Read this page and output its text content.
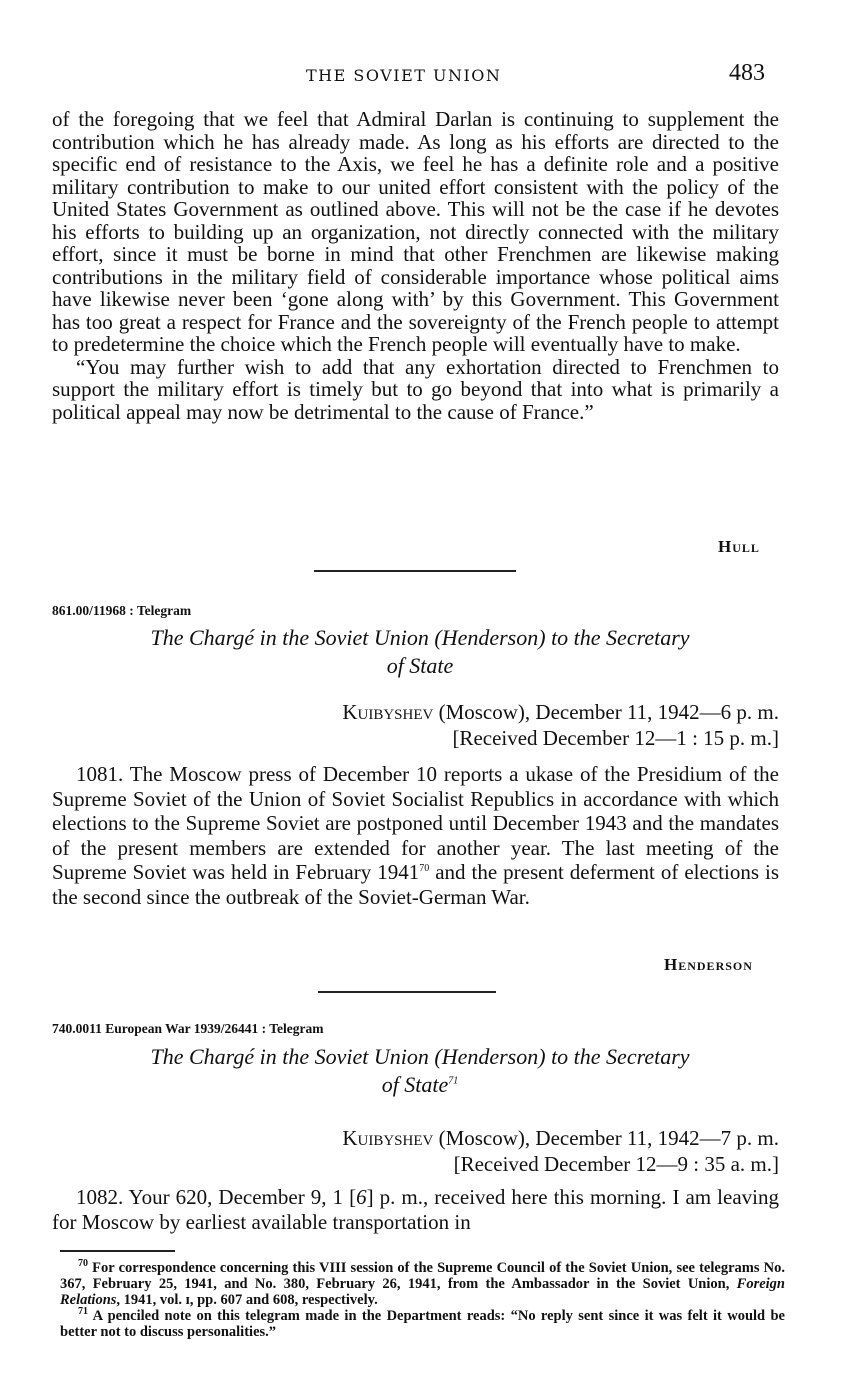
THE SOVIET UNION	483

of the foregoing that we feel that Admiral Darlan is continuing to supplement the contribution which he has already made. As long as his efforts are directed to the specific end of resistance to the Axis, we feel he has a definite role and a positive military contribution to make to our united effort consistent with the policy of the United States Government as outlined above. This will not be the case if he devotes his efforts to building up an organization, not directly connected with the military effort, since it must be borne in mind that other Frenchmen are likewise making contributions in the military field of considerable importance whose political aims have likewise never been ‘gone along with’ by this Government. This Government has too great a respect for France and the sovereignty of the French people to attempt to predetermine the choice which the French people will eventually have to make.

“You may further wish to add that any exhortation directed to Frenchmen to support the military effort is timely but to go beyond that into what is primarily a political appeal may now be detrimental to the cause of France.”

Hull
861.00/11968 : Telegram
The Chargé in the Soviet Union (Henderson) to the Secretary
of State
Kuibyshev (Moscow), December 11, 1942—6 p. m.
[Received December 12—1 : 15 p. m.]

1081. The Moscow press of December 10 reports a ukase of the Presidium of the Supreme Soviet of the Union of Soviet Socialist Republics in accordance with which elections to the Supreme Soviet are postponed until December 1943 and the mandates of the present members are extended for another year. The last meeting of the Supreme Soviet was held in February 1941$^{70}$ and the present deferment of elections is the second since the outbreak of the Soviet-German War.

Henderson
740.0011 European War 1939/26441 : Telegram
The Chargé in the Soviet Union (Henderson) to the Secretary
of State$^{71}$
Kuibyshev (Moscow), December 11, 1942—7 p. m.
[Received December 12—9 : 35 a. m.]

1082. Your 620, December 9, 1 [6] p. m., received here this morning. I am leaving for Moscow by earliest available transportation in

$^{70}$ For correspondence concerning this VIII session of the Supreme Council of the Soviet Union, see telegrams No. 367, February 25, 1941, and No. 380, February 26, 1941, from the Ambassador in the Soviet Union, Foreign Relations, 1941, vol. ɪ, pp. 607 and 608, respectively.

$^{71}$ A penciled note on this telegram made in the Department reads: “No reply sent since it was felt it would be better not to discuss personalities.”
